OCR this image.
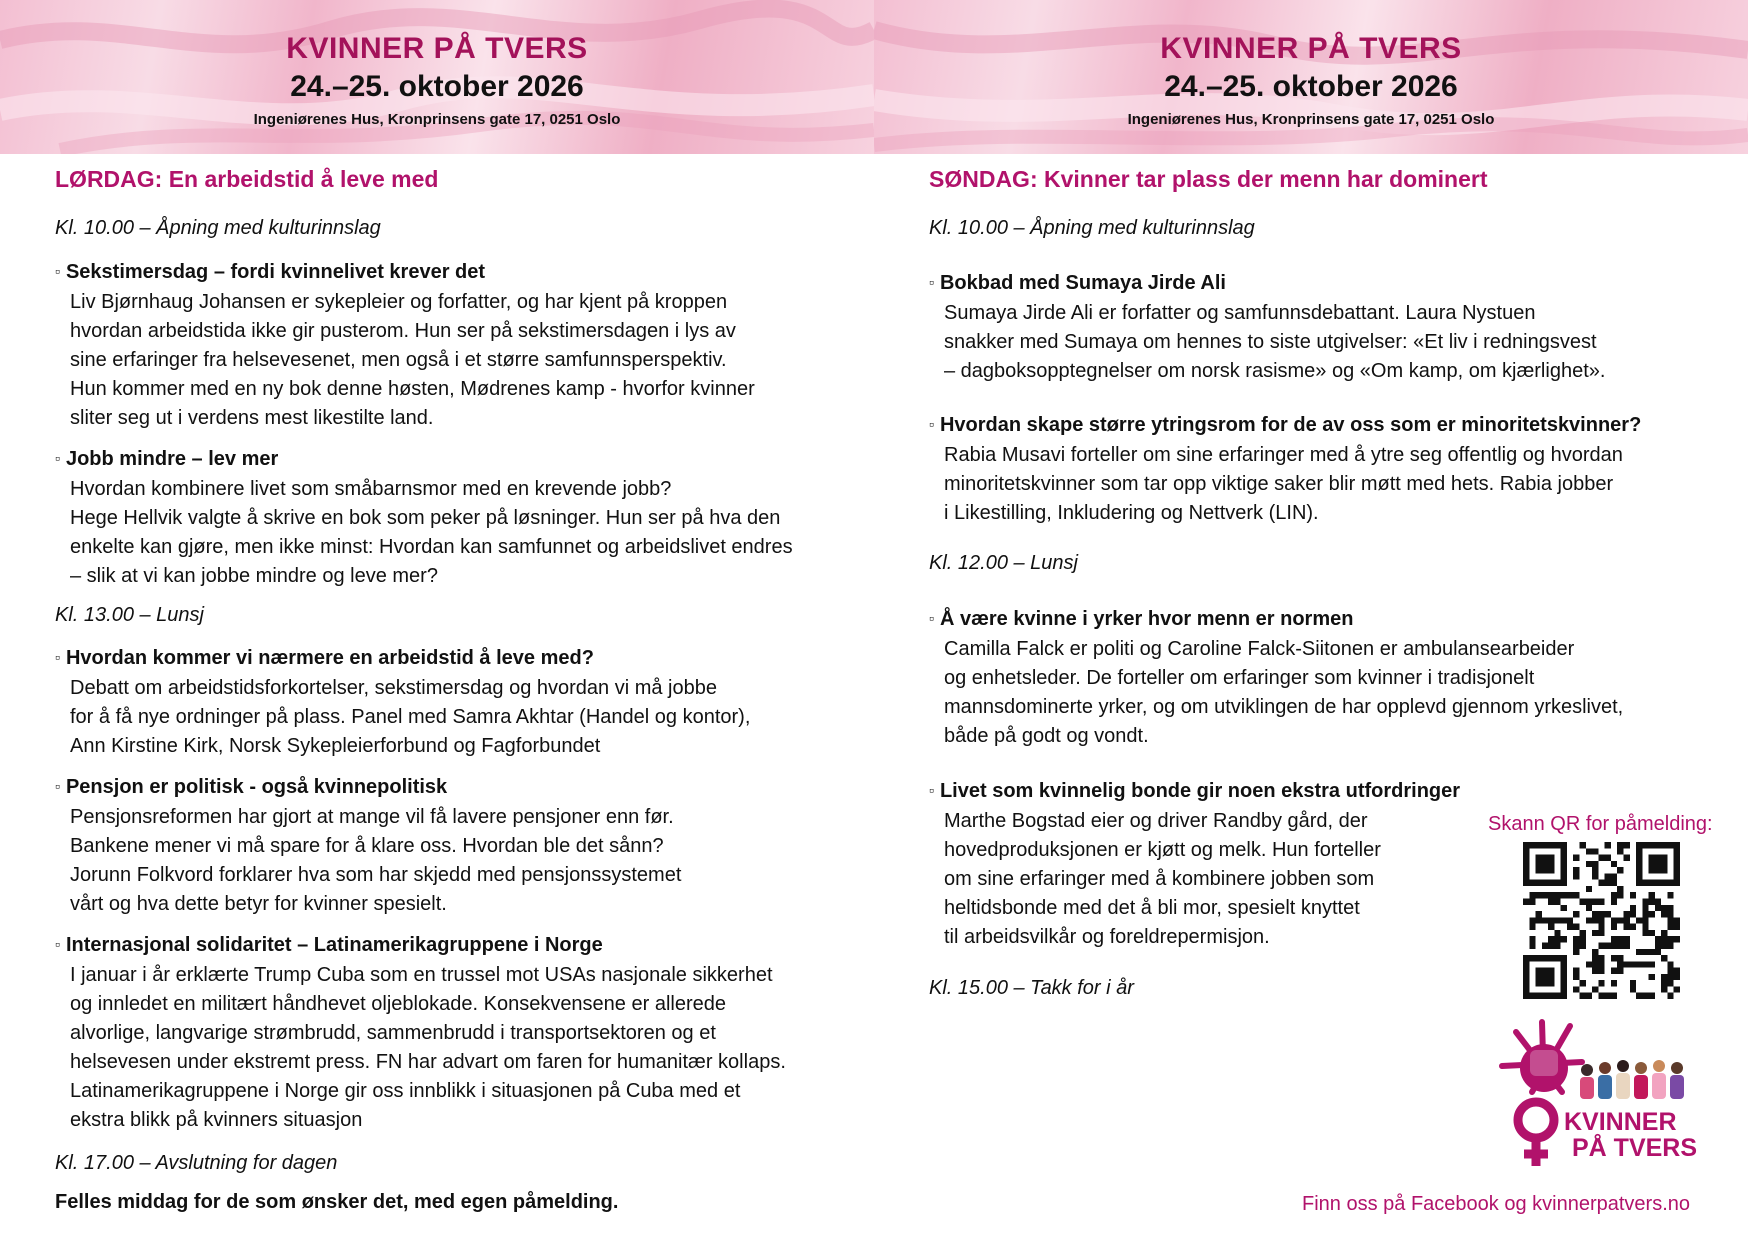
KVINNER PÅ TVERS
24.–25. oktober 2026
Ingeniørenes Hus, Kronprinsens gate 17, 0251 Oslo
KVINNER PÅ TVERS
24.–25. oktober 2026
Ingeniørenes Hus, Kronprinsens gate 17, 0251 Oslo
LØRDAG: En arbeidstid å leve med
Kl. 10.00 – Åpning med kulturinnslag
▫ Sekstimersdag – fordi kvinnelivet krever det
Liv Bjørnhaug Johansen er sykepleier og forfatter, og har kjent på kroppen
hvordan arbeidstida ikke gir pusterom. Hun ser på sekstimersdagen i lys av
sine erfaringer fra helsevesenet, men også i et større samfunnsperspektiv.
Hun kommer med en ny bok denne høsten, Mødrenes kamp - hvorfor kvinner
sliter seg ut i verdens mest likestilte land.
▫ Jobb mindre – lev mer
Hvordan kombinere livet som småbarnsmor med en krevende jobb?
Hege Hellvik valgte å skrive en bok som peker på løsninger. Hun ser på hva den
enkelte kan gjøre, men ikke minst: Hvordan kan samfunnet og arbeidslivet endres
– slik at vi kan jobbe mindre og leve mer?
Kl. 13.00 – Lunsj
▫ Hvordan kommer vi nærmere en arbeidstid å leve med?
Debatt om arbeidstidsforkortelser, sekstimersdag og hvordan vi må jobbe
for å få nye ordninger på plass. Panel med Samra Akhtar (Handel og kontor),
Ann Kirstine Kirk, Norsk Sykepleierforbund og Fagforbundet
▫ Pensjon er politisk - også kvinnepolitisk
Pensjonsreformen har gjort at mange vil få lavere pensjoner enn før.
Bankene mener vi må spare for å klare oss. Hvordan ble det sånn?
Jorunn Folkvord forklarer hva som har skjedd med pensjonssystemet
vårt og hva dette betyr for kvinner spesielt.
▫ Internasjonal solidaritet – Latinamerikagruppene i Norge
I januar i år erklærte Trump Cuba som en trussel mot USAs nasjonale sikkerhet
og innledet en militært håndhevet oljeblokade. Konsekvensene er allerede
alvorlige, langvarige strømbrudd, sammenbrudd i transportsektoren og et
helsevesen under ekstremt press. FN har advart om faren for humanitær kollaps.
Latinamerikagruppene i Norge gir oss innblikk i situasjonen på Cuba med et
ekstra blikk på kvinners situasjon
Kl. 17.00 – Avslutning for dagen
Felles middag for de som ønsker det, med egen påmelding.
SØNDAG: Kvinner tar plass der menn har dominert
Kl. 10.00 – Åpning med kulturinnslag
▫ Bokbad med Sumaya Jirde Ali
Sumaya Jirde Ali er forfatter og samfunnsdebattant. Laura Nystuen
snakker med Sumaya om hennes to siste utgivelser: «Et liv i redningsvest
– dagboksopptegnelser om norsk rasisme» og «Om kamp, om kjærlighet».
▫ Hvordan skape større ytringsrom for de av oss som er minoritetskvinner?
Rabia Musavi forteller om sine erfaringer med å ytre seg offentlig og hvordan
minoritetskvinner som tar opp viktige saker blir møtt med hets. Rabia jobber
i Likestilling, Inkludering og Nettverk (LIN).
Kl. 12.00 – Lunsj
▫ Å være kvinne i yrker hvor menn er normen
Camilla Falck er politi og Caroline Falck-Siitonen er ambulansearbeider
og enhetsleder. De forteller om erfaringer som kvinner i tradisjonelt
mannsdominerte yrker, og om utviklingen de har opplevd gjennom yrkeslivet,
både på godt og vondt.
▫ Livet som kvinnelig bonde gir noen ekstra utfordringer
Marthe Bogstad eier og driver Randby gård, der
hovedproduksjonen er kjøtt og melk. Hun forteller
om sine erfaringer med å kombinere jobben som
heltidsbonde med det å bli mor, spesielt knyttet
til arbeidsvilkår og foreldrepermisjon.
Kl. 15.00 – Takk for i år
Skann QR for påmelding:
KVINNER
PÅ TVERS
Finn oss på Facebook og kvinnerpatvers.no
